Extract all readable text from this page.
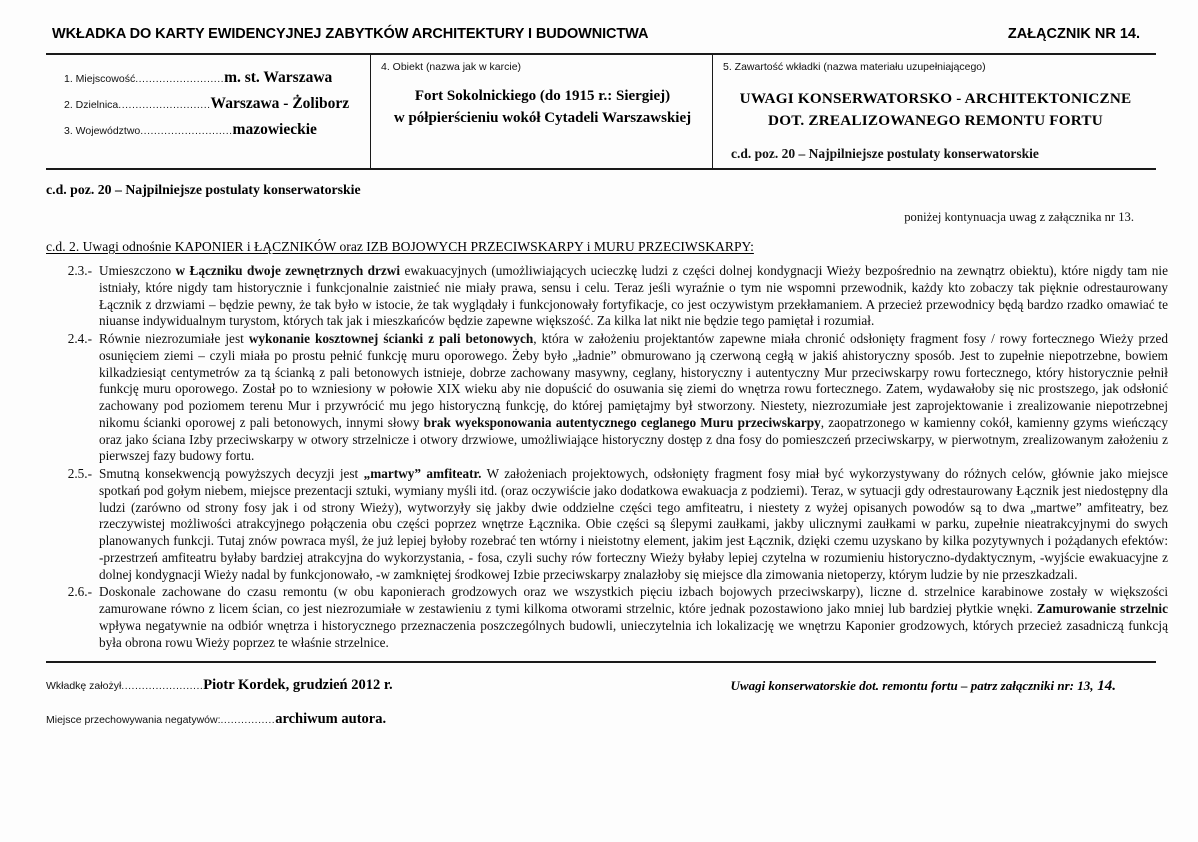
WKŁADKA DO KARTY EWIDENCYJNEJ ZABYTKÓW ARCHITEKTURY I BUDOWNICTWA	ZAŁĄCZNIK NR 14.
1. Miejscowość .......................... m. st. Warszawa
2. Dzielnica ........................... Warszawa - Żoliborz
3. Województwo ........................... mazowieckie
4. Obiekt (nazwa jak w karcie)
Fort Sokolnickiego (do 1915 r.: Siergiej)
w półpierścieniu wokół Cytadeli Warszawskiej
5. Zawartość wkładki (nazwa materiału uzupełniającego)
UWAGI KONSERWATORSKO - ARCHITEKTONICZNE
DOT. ZREALIZOWANEGO REMONTU FORTU
c.d. poz. 20 – Najpilniejsze postulaty konserwatorskie
c.d. poz. 20 – Najpilniejsze postulaty konserwatorskie
poniżej kontynuacja uwag z załącznika nr 13.
c.d. 2. Uwagi odnośnie KAPONIER i ŁĄCZNIKÓW oraz IZB BOJOWYCH PRZECIWSKARPY i MURU PRZECIWSKARPY:
2.3.- Umieszczono w Łączniku dwoje zewnętrznych drzwi ewakuacyjnych (umożliwiających ucieczkę ludzi z części dolnej kondygnacji Wieży bezpośrednio na zewnątrz obiektu), które nigdy tam nie istniały, które nigdy tam historycznie i funkcjonalnie zaistnieć nie miały prawa, sensu i celu. Teraz jeśli wyraźnie o tym nie wspomni przewodnik, każdy kto zobaczy tak pięknie odrestaurowany Łącznik z drzwiami – będzie pewny, że tak było w istocie, że tak wyglądały i funkcjonowały fortyfikacje, co jest oczywistym przekłamaniem. A przecież przewodnicy będą bardzo rzadko omawiać te niuanse indywidualnym turystom, których tak jak i mieszkańców będzie zapewne większość. Za kilka lat nikt nie będzie tego pamiętał i rozumiał.
2.4.- Równie niezrozumiałe jest wykonanie kosztownej ścianki z pali betonowych, która w założeniu projektantów zapewne miała chronić odsłonięty fragment fosy / rowy fortecznego Wieży przed osunięciem ziemi – czyli miała po prostu pełnić funkcję muru oporowego. Żeby było „ładnie” obmurowano ją czerwoną cegłą w jakiś ahistoryczny sposób. Jest to zupełnie niepotrzebne, bowiem kilkadziesiąt centymetrów za tą ścianką z pali betonowych istnieje, dobrze zachowany masywny, ceglany, historyczny i autentyczny Mur przeciwskarpy rowu fortecznego, który historycznie pełnił funkcję muru oporowego. Został po to wzniesiony w połowie XIX wieku aby nie dopuścić do osuwania się ziemi do wnętrza rowu fortecznego. Zatem, wydawałoby się nic prostszego, jak odsłonić zachowany pod poziomem terenu Mur i przywrócić mu jego historyczną funkcję, do której pamiętajmy był stworzony. Niestety, niezrozumiałe jest zaprojektowanie i zrealizowanie niepotrzebnej nikomu ścianki oporowej z pali betonowych, innymi słowy brak wyeksponowania autentycznego ceglanego Muru przeciwskarpy, zaopatrzonego w kamienny cokół, kamienny gzyms wieńczący oraz jako ściana Izby przeciwskarpy w otwory strzelnicze i otwory drzwiowe, umożliwiające historyczny dostęp z dna fosy do pomieszczeń przeciwskarpy, w pierwotnym, zrealizowanym założeniu z pierwszej fazy budowy fortu.
2.5.- Smutną konsekwencją powyższych decyzji jest „martwy” amfiteatr. W założeniach projektowych, odsłonięty fragment fosy miał być wykorzystywany do różnych celów, głównie jako miejsce spotkań pod gołym niebem, miejsce prezentacji sztuki, wymiany myśli itd. (oraz oczywiście jako dodatkowa ewakuacja z podziemi). Teraz, w sytuacji gdy odrestaurowany Łącznik jest niedostępny dla ludzi (zarówno od strony fosy jak i od strony Wieży), wytworzyły się jakby dwie oddzielne części tego amfiteatru, i niestety z wyżej opisanych powodów są to dwa „martwe” amfiteatry, bez rzeczywistej możliwości atrakcyjnego połączenia obu części poprzez wnętrze Łącznika. Obie części są ślepymi zaułkami, jakby ulicznymi zaułkami w parku, zupełnie nieatrakcyjnymi do swych planowanych funkcji. Tutaj znów powraca myśl, że już lepiej byłoby rozebrać ten wtórny i nieistotny element, jakim jest Łącznik, dzięki czemu uzyskano by kilka pozytywnych i pożądanych efektów: -przestrzeń amfiteatru byłaby bardziej atrakcyjna do wykorzystania, - fosa, czyli suchy rów forteczny Wieży byłaby lepiej czytelna w rozumieniu historyczno-dydaktycznym, -wyjście ewakuacyjne z dolnej kondygnacji Wieży nadal by funkcjonowało, -w zamkniętej środkowej Izbie przeciwskarpy znalazłoby się miejsce dla zimowania nietoperzy, którym ludzie by nie przeszkadzali.
2.6.- Doskonale zachowane do czasu remontu (w obu kaponierach grodzowych oraz we wszystkich pięciu izbach bojowych przeciwskarpy), liczne d. strzelnice karabinowe zostały w większości zamurowane równo z licem ścian, co jest niezrozumiałe w zestawieniu z tymi kilkoma otworami strzelnic, które jednak pozostawiono jako mniej lub bardziej płytkie wnęki. Zamurowanie strzelnic wpływa negatywnie na odbiór wnętrza i historycznego przeznaczenia poszczególnych budowli, unieczytelnia ich lokalizację we wnętrzu Kaponier grodzowych, których przecież zasadniczą funkcją była obrona rowu Wieży poprzez te właśnie strzelnice.
Wkładkę założył ........................ Piotr Kordek, grudzień 2012 r.
Miejsce przechowywania negatywów: ................ archiwum autora.
Uwagi konserwatorskie dot. remontu fortu – patrz załączniki nr: 13, 14.
